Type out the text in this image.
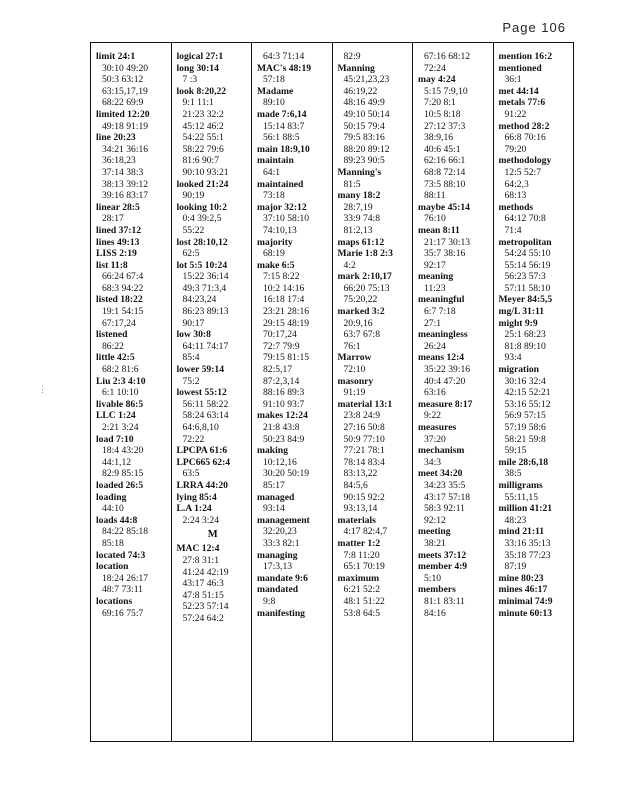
Page 106
⋮
limit 24:1
30:10 49:20
50:3 63:12
63:15,17,19
68:22 69:9
limited 12:20
49:18 91:19
line 20:23
34:21 36:16
36:18,23
37:14 38:3
38:13 39:12
39:16 83:17
linear 28:5
28:17
lined 37:12
lines 49:13
LISS 2:19
list 11:8
66:24 67:4
68:3 94:22
listed 18:22
19:1 54:15
67:17,24
listened
86:22
little 42:5
68:2 81:6
Liu 2:3 4:10
6:1 10:10
livable 86:5
LLC 1:24
2:21 3:24
load 7:10
18:4 43:20
44:1,12
82:9 85:15
loaded 26:5
loading
44:10
loads 44:8
84:22 85:18
85:18
located 74:3
location
18:24 26:17
48:7 73:11
locations
69:16 75:7
logical 27:1
long 30:14
7 :3
look 8:20,22
9:1 11:1
21:23 32:2
45:12 46:2
54:22 55:1
58:22 79:6
81:6 90:7
90:10 93:21
looked 21:24
90:19
looking 10:2
0:4 39:2,5
55:22
lost 28:10,12
62:5
lot 5:5 10:24
15:22 36:14
49:3 71:3,4
84:23,24
86:23 89:13
90:17
low 30:8
64:11 74:17
85:4
lower 59:14
75:2
lowest 55:12
56:11 58:22
58:24 63:14
64:6,8,10
72:22
LPCPA 61:6
LPC665 62:4
63:5
LRRA 44:20
lying 85:4
L.A 1:24
2:24 3:24
M
MAC 12:4
27:8 31:1
41:24 42:19
43:17 46:3
47:8 51:15
52:23 57:14
57:24 64:2
64:3 71:14
MAC's 48:19
57:18
Madame
89:10
made 7:6,14
15:14 83:7
56:1 88:5
main 18:9,10
maintain
64:1
maintained
73:18
major 32:12
37:10 58:10
74:10,13
majority
68:19
make 6:5
7:15 8:22
10:2 14:16
16:18 17:4
23:21 28:16
29:15 48:19
70:17,24
72:7 79:9
79:15 81:15
82:5,17
87:2,3,14
88:16 89:3
91:10 93:7
makes 12:24
21:8 43:8
50:23 84:9
making
10:12,16
30:20 50:19
85:17
managed
93:14
management
32:20,23
33:3 82:1
managing
17:3,13
mandate 9:6
mandated
9:8
manifesting
82:9
Manning
45:21,23,23
46:19,22
48:16 49:9
49:10 50:14
50:15 79:4
79:5 83:16
88:20 89:12
89:23 90:5
Manning's
81:5
many 18:2
28:7,19
33:9 74:8
81:2,13
maps 61:12
Marie 1:8 2:3
4:2
mark 2:10,17
66:20 75:13
75:20,22
marked 3:2
20:9,16
63:7 67:8
76:1
Marrow
72:10
masonry
91:19
material 13:1
23:8 24:9
27:16 50:8
50:9 77:10
77:21 78:1
78:14 83:4
83:13,22
84:5,6
90:15 92:2
93:13,14
materials
4:17 82:4,7
matter 1:2
7:8 11:20
65:1 70:19
maximum
6:21 52:2
48:1 51:22
53:8 64:5
67:16 68:12
72:24
may 4:24
5:15 7:9,10
7:20 8:1
10:5 8:18
27:12 37:3
38:9,16
40:6 45:1
62:16 66:1
68:8 72:14
73:5 88:10
88:11
maybe 45:14
76:10
mean 8:11
21:17 30:13
35:7 38:16
92:17
meaning
11:23
meaningful
6:7 7:18
27:1
meaningless
26:24
means 12:4
35:22 39:16
40:4 47:20
63:16
measure 8:17
9:22
measures
37:20
mechanism
34:3
meet 34:20
34:23 35:5
43:17 57:18
58:3 92:11
92:12
meeting
38:21
meets 37:12
member 4:9
5:10
members
81:1 83:11
84:16
mention 16:2
mentioned
36:1
met 44:14
metals 77:6
91:22
method 28:2
66:8 70:16
79:20
methodology
12:5 52:7
64:2,3
68:13
methods
64:12 70:8
71:4
metropolitan
54:24 55:10
55:14 56:19
56:23 57:3
57:11 58:10
Meyer 84:5,5
mg/L 31:11
might 9:9
25:1 68:23
81:8 89:10
93:4
migration
30:16 32:4
42:15 52:21
53:16 55:12
56:9 57:15
57:19 58:6
58:21 59:8
59:15
mile 28:6,18
38:5
milligrams
55:11,15
million 41:21
48:23
mind 21:11
33:16 35:13
35:18 77:23
87:19
mine 80:23
mines 46:17
minimal 74:9
minute 60:13
